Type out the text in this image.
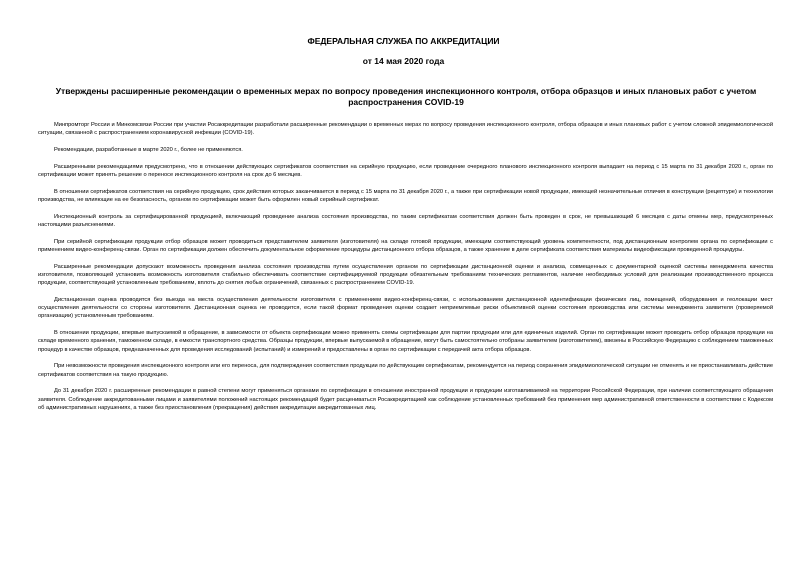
ФЕДЕРАЛЬНАЯ СЛУЖБА ПО АККРЕДИТАЦИИ
от 14 мая 2020 года
Утверждены расширенные рекомендации о временных мерах по вопросу проведения инспекционного контроля, отбора образцов и иных плановых работ с учетом распространения COVID-19

Минпромторг России и Минкомсвязи России при участии Росаккредитации разработали расширенные рекомендации о временных мерах по вопросу проведения инспекционного контроля, отбора образцов и иных плановых работ с учетом сложной эпидемиологической ситуации, связанной с распространением коронавирусной инфекции (COVID-19).

Рекомендации, разработанные в марте 2020 г., более не применяются.

Расширенными рекомендациями предусмотрено, что в отношении действующих сертификатов соответствия на серийную продукцию, если проведение очередного планового инспекционного контроля выпадает на период с 15 марта по 31 декабря 2020 г., орган по сертификации может принять решение о переносе инспекционного контроля на срок до 6 месяцев.

В отношении сертификатов соответствия на серийную продукцию, срок действия которых заканчивается в период с 15 марта по 31 декабря 2020 г., а также при сертификации новой продукции, имеющей незначительные отличия в конструкции (рецептуре) и технологии производства, не влияющие на ее безопасность, органом по сертификации может быть оформлен новый серийный сертификат.

Инспекционный контроль за сертифицированной продукцией, включающий проведение анализа состояния производства, по таким сертификатам соответствия должен быть проведен в срок, не превышающий 6 месяцев с даты отмены мер, предусмотренных настоящими разъяснениями.

При серийной сертификации продукции отбор образцов может проводиться представителем заявителя (изготовителя) на складе готовой продукции, имеющим соответствующий уровень компетентности, под дистанционным контролем органа по сертификации с применением видео-конференц-связи. Орган по сертификации должен обеспечить документальное оформление процедуры дистанционного отбора образцов, а также хранение в деле сертификата соответствия материалы видеофиксации проведенной процедуры.

Расширенные рекомендации допускают возможность проведения анализа состояния производства путем осуществления органом по сертификации дистанционной оценки и анализа, совмещенных с документарной оценкой системы менеджмента качества изготовителя, позволяющей установить возможность изготовителя стабильно обеспечивать соответствие сертифицируемой продукции обязательным требованиям технических регламентов, наличие необходимых условий для реализации производственного процесса продукции, соответствующей установленным требованиям, вплоть до снятия любых ограничений, связанных с распространением COVID-19.

Дистанционная оценка проводится без выезда на места осуществления деятельности изготовителя с применением видео-конференц-связи, с использованием дистанционной идентификации физических лиц, помещений, оборудования и геолокации мест осуществления деятельности со стороны изготовителя. Дистанционная оценка не проводится, если такой формат проведения оценки создает неприемлемые риски объективной оценки состояния производства или системы менеджмента заявителя (проверяемой организации) установленным требованиям.

В отношении продукции, впервые выпускаемой в обращение, в зависимости от объекта сертификации можно применять схемы сертификации для партии продукции или для единичных изделий. Орган по сертификации может проводить отбор образцов продукции на складе временного хранения, таможенном складе, в емкости транспортного средства. Образцы продукции, впервые выпускаемой в обращение, могут быть самостоятельно отобраны заявителем (изготовителем), ввезены в Российскую Федерацию с соблюдением таможенных процедур в качестве образцов, предназначенных для проведения исследований (испытаний) и измерений и предоставлены в орган по сертификации с передачей акта отбора образцов.

При невозможности проведения инспекционного контроля или его переноса, для подтверждения соответствия продукции по действующим сертификатам, рекомендуется на период сохранения эпидемиологической ситуации не отменять и не приостанавливать действие сертификатов соответствия на такую продукцию.

До 31 декабря 2020 г. расширенные рекомендации в равной степени могут применяться органами по сертификации в отношении иностранной продукции и продукции изготавливаемой на территории Российской Федерации, при наличии соответствующего обращения заявителя. Соблюдение аккредитованными лицами и заявителями положений настоящих рекомендаций будет расцениваться Росаккредитацией как соблюдение установленных требований без применения мер административной ответственности в соответствии с Кодексом об административных нарушениях, а также без приостановления (прекращения) действия аккредитации аккредитованных лиц.
